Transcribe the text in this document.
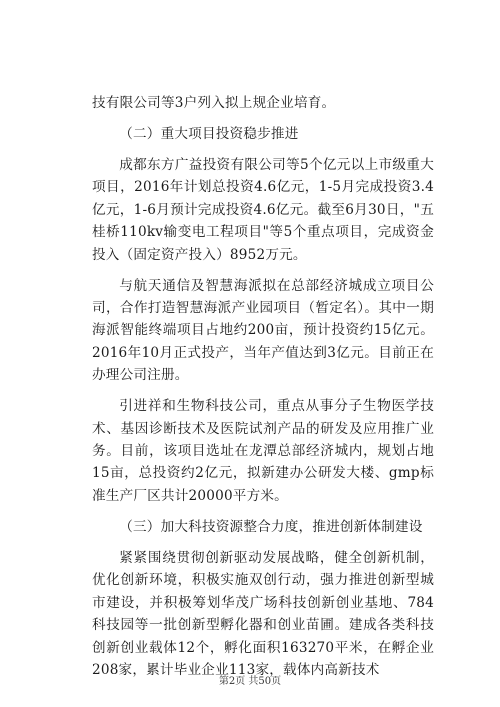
技有限公司等3户列入拟上规企业培育。

（二）重大项目投资稳步推进

成都东方广益投资有限公司等5个亿元以上市级重大项目，2016年计划总投资4.6亿元，1-5月完成投资3.4亿元，1-6月预计完成投资4.6亿元。截至6月30日，"五桂桥110kv输变电工程项目"等5个重点项目，完成资金投入（固定资产投入）8952万元。

与航天通信及智慧海派拟在总部经济城成立项目公司，合作打造智慧海派产业园项目（暂定名）。其中一期海派智能终端项目占地约200亩，预计投资约15亿元。2016年10月正式投产，当年产值达到3亿元。目前正在办理公司注册。

引进祥和生物科技公司，重点从事分子生物医学技术、基因诊断技术及医院试剂产品的研发及应用推广业务。目前，该项目选址在龙潭总部经济城内，规划占地15亩，总投资约2亿元，拟新建办公研发大楼、gmp标准生产厂区共计20000平方米。

（三）加大科技资源整合力度，推进创新体制建设

紧紧围绕贯彻创新驱动发展战略，健全创新机制，优化创新环境，积极实施双创行动，强力推进创新型城市建设，并积极筹划华茂广场科技创新创业基地、784科技园等一批创新型孵化器和创业苗圃。建成各类科技创新创业载体12个，孵化面积163270平米，在孵企业208家，累计毕业企业113家，载体内高新技术

第2页 共50页
